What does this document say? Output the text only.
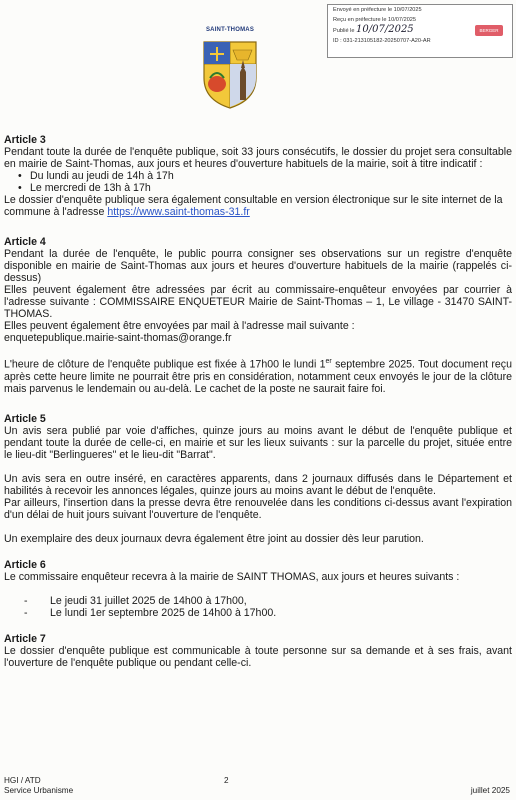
Envoyé en préfecture le 10/07/2025
Reçu en préfecture le 10/07/2025
Publié le 10/07/2025
ID : 031-213105182-20250707-A20-AR
BERGER
SAINT-THOMAS
Article 3

Pendant toute la durée de l'enquête publique, soit 33 jours consécutifs, le dossier du projet sera consultable en mairie de Saint-Thomas, aux jours et heures d'ouverture habituels de la mairie, soit à titre indicatif :

• Du lundi au jeudi de 14h à 17h
• Le mercredi de 13h à 17h

Le dossier d'enquête publique sera également consultable en version électronique sur le site internet de la commune à l'adresse https://www.saint-thomas-31.fr

Article 4

Pendant la durée de l'enquête, le public pourra consigner ses observations sur un registre d'enquête disponible en mairie de Saint-Thomas aux jours et heures d'ouverture habituels de la mairie (rappelés ci-dessus)

Elles peuvent également être adressées par écrit au commissaire-enquêteur envoyées par courrier à l'adresse suivante : COMMISSAIRE ENQUETEUR Mairie de Saint-Thomas – 1, Le village - 31470 SAINT-THOMAS.

Elles peuvent également être envoyées par mail à l'adresse mail suivante :

enquetepublique.mairie-saint-thomas@orange.fr

L'heure de clôture de l'enquête publique est fixée à 17h00 le lundi 1er septembre 2025. Tout document reçu après cette heure limite ne pourrait être pris en considération, notamment ceux envoyés le jour de la clôture mais parvenus le lendemain ou au-delà. Le cachet de la poste ne saurait faire foi.

Article 5

Un avis sera publié par voie d'affiches, quinze jours au moins avant le début de l'enquête publique et pendant toute la durée de celle-ci, en mairie et sur les lieux suivants : sur la parcelle du projet, située entre le lieu-dit "Berlingueres" et le lieu-dit "Barrat".

Un avis sera en outre inséré, en caractères apparents, dans 2 journaux diffusés dans le Département et habilités à recevoir les annonces légales, quinze jours au moins avant le début de l'enquête.

Par ailleurs, l'insertion dans la presse devra être renouvelée dans les conditions ci-dessus avant l'expiration d'un délai de huit jours suivant l'ouverture de l'enquête.

Un exemplaire des deux journaux devra également être joint au dossier dès leur parution.

Article 6

Le commissaire enquêteur recevra à la mairie de SAINT THOMAS, aux jours et heures suivants :

- Le jeudi 31 juillet 2025 de 14h00 à 17h00,
- Le lundi 1er septembre 2025 de 14h00 à 17h00.
Article 7

Le dossier d'enquête publique est communicable à toute personne sur sa demande et à ses frais, avant l'ouverture de l'enquête publique ou pendant celle-ci.

HGI / ATD
Service Urbanisme
2
juillet 2025
